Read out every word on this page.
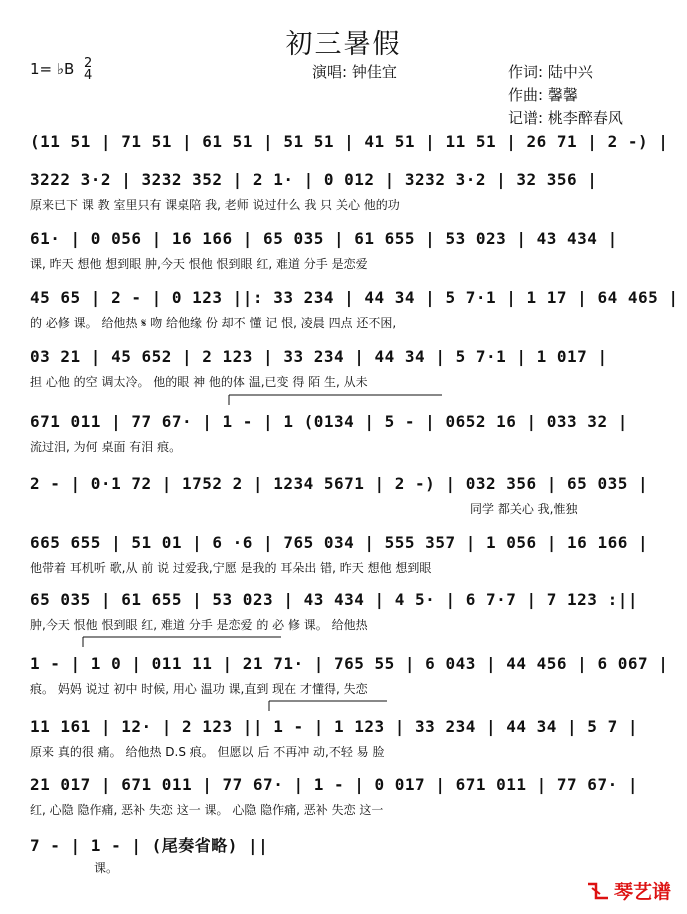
初三暑假
1= ♭B 2
4	演唱: 钟佳宜	作词: 陆中兴
作曲: 馨馨
记谱: 桃李醉春风
(11 51 | 71 51 | 61 51 | 51 51 | 41 51 | 11 51 | 26 71 | 2 -) |
3222 3·2 | 3232 352 | 2 1· | 0 012 | 3232 3·2 | 32 356 |
原来已下 课 教 室里只有 课桌陪 我, 老师 说过什么 我 只 关心 他的功
61· | 0 056 | 16 166 | 65 035 | 61 655 | 53 023 | 43 434 |
课, 昨天 想他 想到眼 肿,今天 恨他 恨到眼 红, 难道 分手 是恋爱
45 65 | 2 - | 0 123 ||: 33 234 | 44 34 | 5 7·1 | 1 17 | 64 465 |
的 必修 课。 给他热 𝄋 吻 给他缘 份 却不 懂 记 恨, 凌晨 四点 还不困,
03 21 | 45 652 | 2 123 | 33 234 | 44 34 | 5 7·1 | 1 017 |
担 心他 的空 调太冷。 他的眼 神 他的体 温,已变 得 陌 生, 从未
671 011 | 77 67· | 1 - | 1 (0134 | 5 - | 0652 16 | 033 32 |
流过泪, 为何 桌面 有泪 痕。
2 - | 0·1 72 | 1752 2 | 1234 5671 | 2 -) | 032 356 | 65 035 |
同学 都关心 我,惟独
665 655 | 51 01 | 6 ·6 | 765 034 | 555 357 | 1 056 | 16 166 |
他带着 耳机听 歌,从 前 说 过爱我,宁愿 是我的 耳朵出 错, 昨天 想他 想到眼
65 035 | 61 655 | 53 023 | 43 434 | 4 5· | 6 7·7 | 7 123 :||
肿,今天 恨他 恨到眼 红, 难道 分手 是恋爱 的 必 修 课。 给他热
1 - | 1 0 | 011 11 | 21 71· | 765 55 | 6 043 | 44 456 | 6 067 |
痕。 妈妈 说过 初中 时候, 用心 温功 课,直到 现在 才懂得, 失恋
11 161 | 12· | 2 123 || 1 - | 1 123 | 33 234 | 44 34 | 5 7 |
原来 真的很 痛。 给他热 D.S 痕。 但愿以 后 不再冲 动,不轻 易 脸
21 017 | 671 011 | 77 67· | 1 - | 0 017 | 671 011 | 77 67· |
红, 心隐 隐作痛, 恶补 失恋 这一 课。 心隐 隐作痛, 恶补 失恋 这一
7 - | 1 - | (尾奏省略) ||
课。
琴艺谱
